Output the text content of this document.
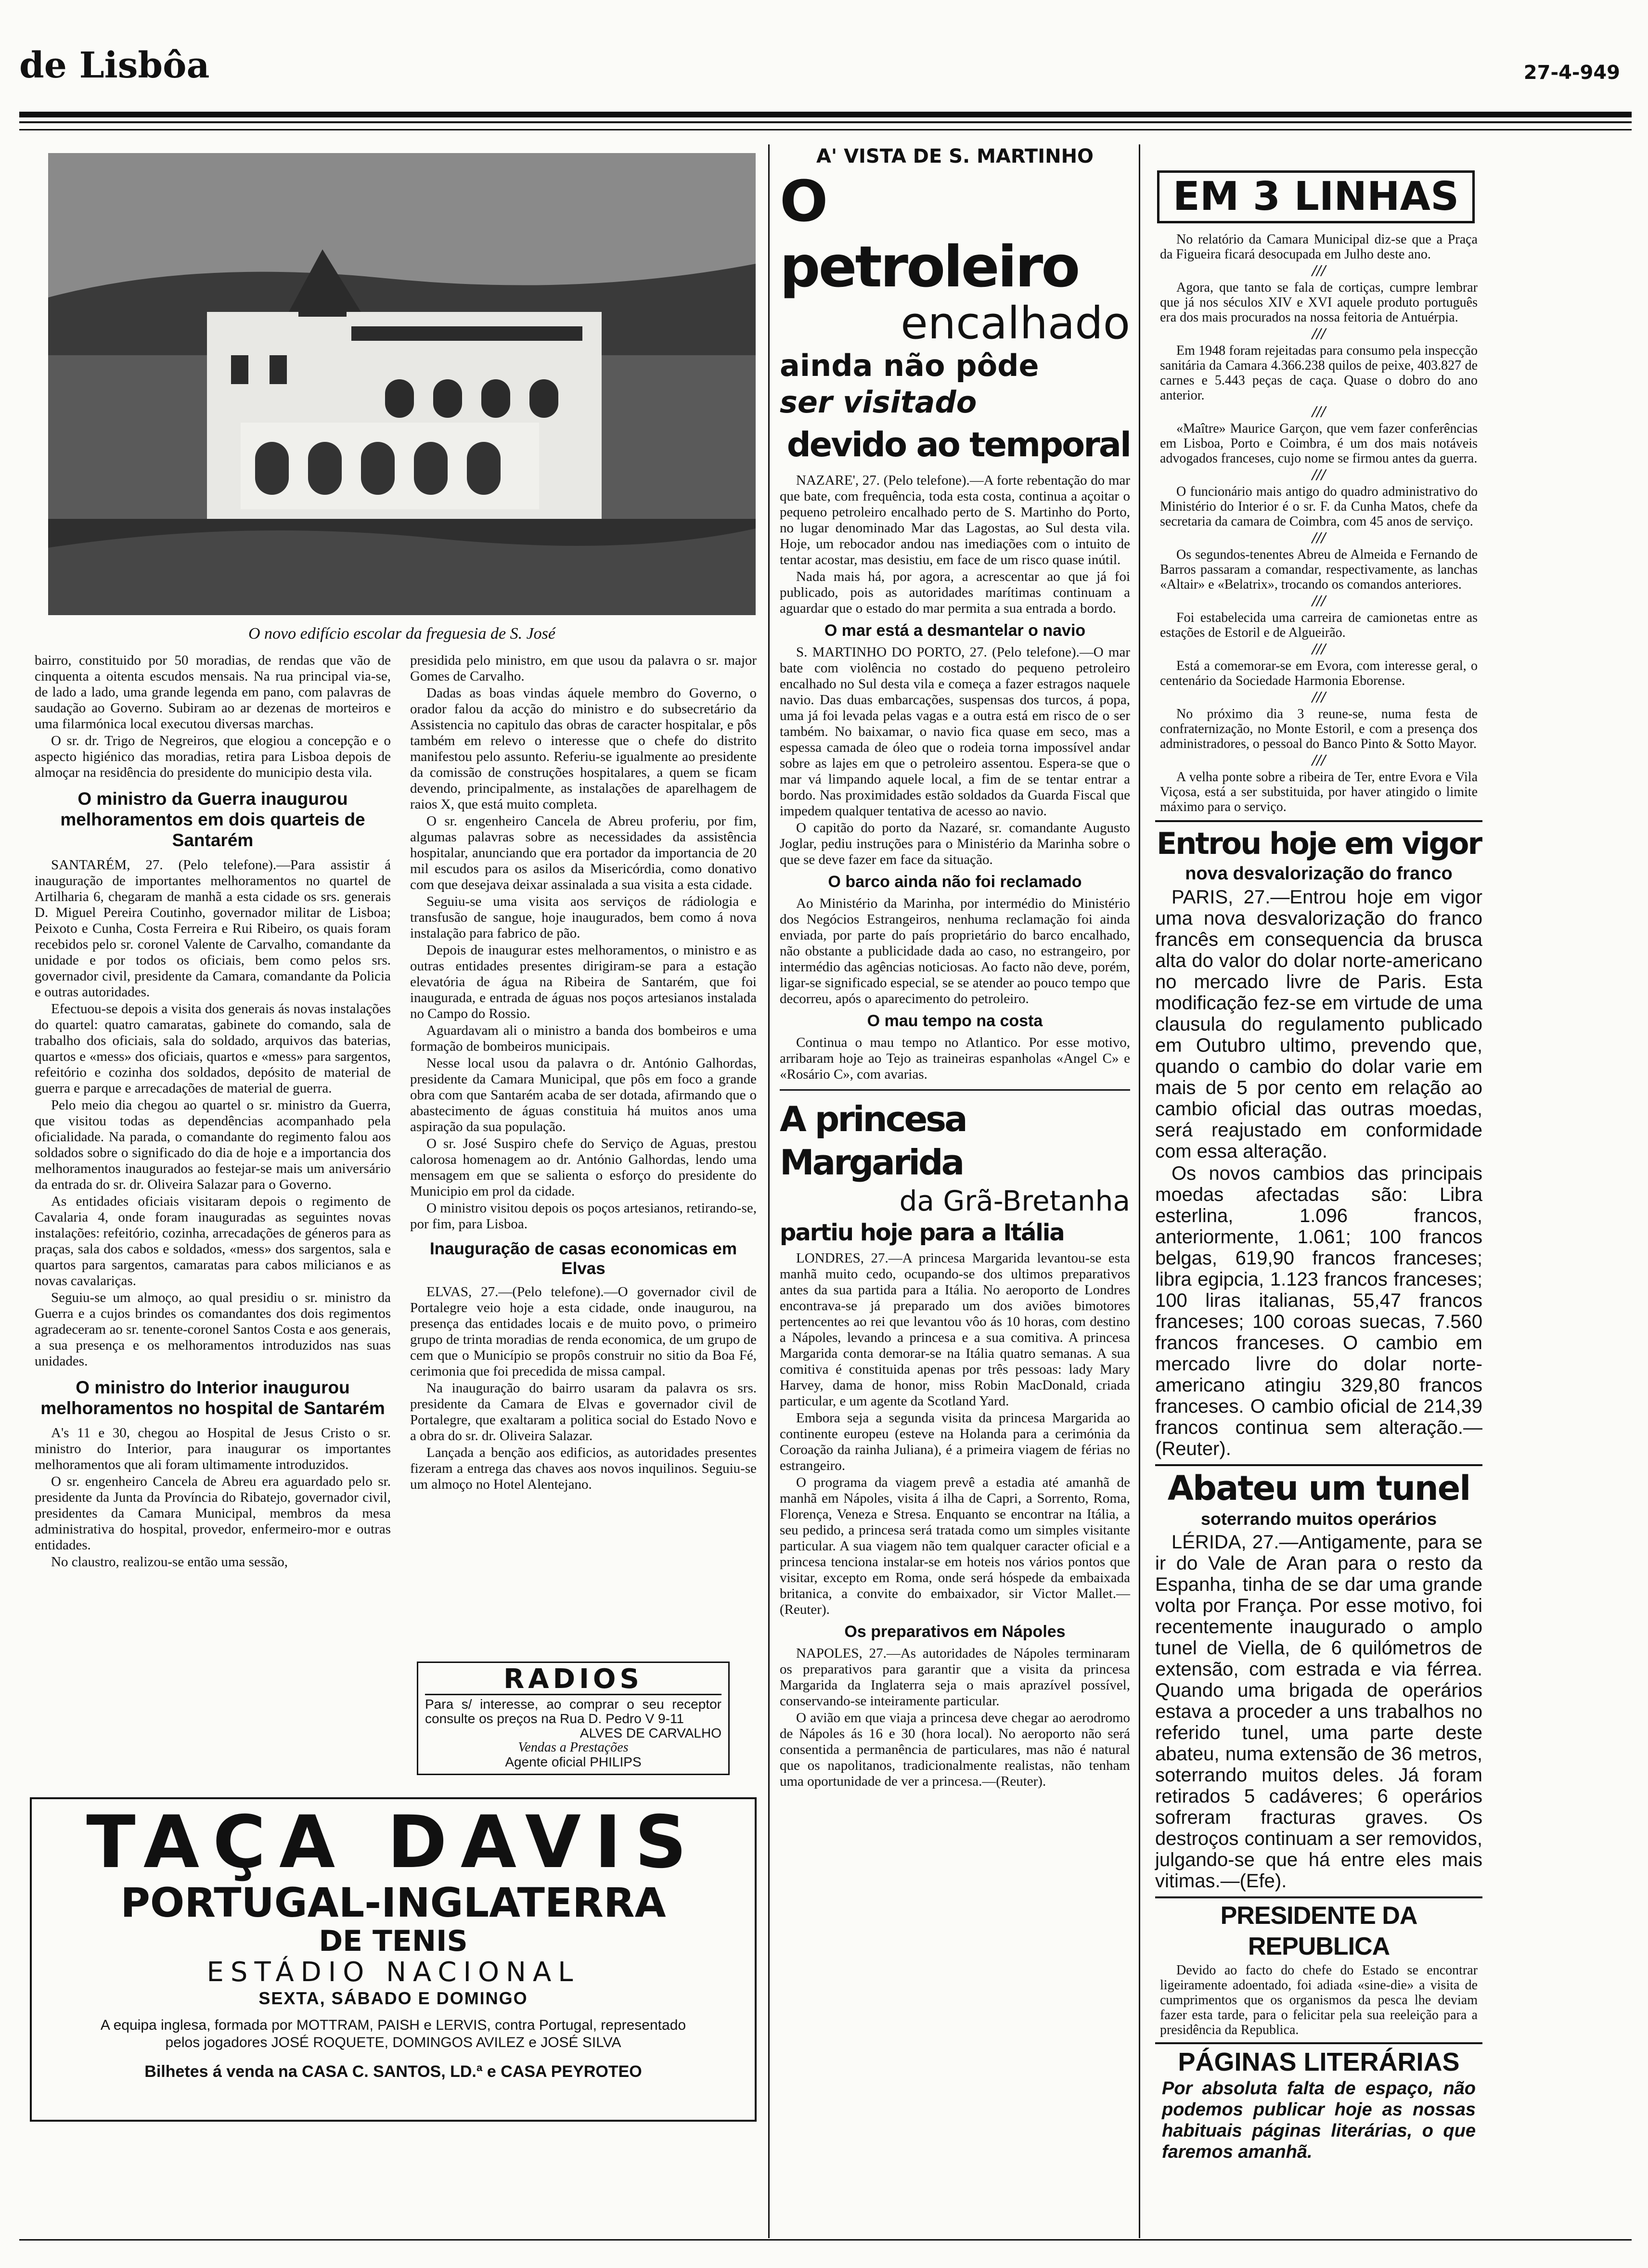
de Lisbôa	27-4-949
O novo edifício escolar da freguesia de S. José

bairro, constituido por 50 moradias, de rendas que vão de cinquenta a oitenta escudos mensais. Na rua principal via-se, de lado a lado, uma grande legenda em pano, com palavras de saudação ao Governo. Subiram ao ar dezenas de morteiros e uma filarmónica local executou diversas marchas.

O sr. dr. Trigo de Negreiros, que elogiou a concepção e o aspecto higiénico das moradias, retira para Lisboa depois de almoçar na residência do presidente do municipio desta vila.

O ministro da Guerra inaugurou melhoramentos em dois quarteis de Santarém

SANTARÉM, 27. (Pelo telefone).—Para assistir á inauguração de importantes melhoramentos no quartel de Artilharia 6, chegaram de manhã a esta cidade os srs. generais D. Miguel Pereira Coutinho, governador militar de Lisboa; Peixoto e Cunha, Costa Ferreira e Rui Ribeiro, os quais foram recebidos pelo sr. coronel Valente de Carvalho, comandante da unidade e por todos os oficiais, bem como pelos srs. governador civil, presidente da Camara, comandante da Policia e outras autoridades.

Efectuou-se depois a visita dos generais ás novas instalações do quartel: quatro camaratas, gabinete do comando, sala de trabalho dos oficiais, sala do soldado, arquivos das baterias, quartos e «mess» dos oficiais, quartos e «mess» para sargentos, refeitório e cozinha dos soldados, depósito de material de guerra e parque e arrecadações de material de guerra.

Pelo meio dia chegou ao quartel o sr. ministro da Guerra, que visitou todas as dependências acompanhado pela oficialidade. Na parada, o comandante do regimento falou aos soldados sobre o significado do dia de hoje e a importancia dos melhoramentos inaugurados ao festejar-se mais um aniversário da entrada do sr. dr. Oliveira Salazar para o Governo.

As entidades oficiais visitaram depois o regimento de Cavalaria 4, onde foram inauguradas as seguintes novas instalações: refeitório, cozinha, arrecadações de géneros para as praças, sala dos cabos e soldados, «mess» dos sargentos, sala e quartos para sargentos, camaratas para cabos milicianos e as novas cavalariças.

Seguiu-se um almoço, ao qual presidiu o sr. ministro da Guerra e a cujos brindes os comandantes dos dois regimentos agradeceram ao sr. tenente-coronel Santos Costa e aos generais, a sua presença e os melhoramentos introduzidos nas suas unidades.

O ministro do Interior inaugurou melhoramentos no hospital de Santarém

A's 11 e 30, chegou ao Hospital de Jesus Cristo o sr. ministro do Interior, para inaugurar os importantes melhoramentos que ali foram ultimamente introduzidos.

O sr. engenheiro Cancela de Abreu era aguardado pelo sr. presidente da Junta da Província do Ribatejo, governador civil, presidentes da Camara Municipal, membros da mesa administrativa do hospital, provedor, enfermeiro-mor e outras entidades.

No claustro, realizou-se então uma sessão,

presidida pelo ministro, em que usou da palavra o sr. major Gomes de Carvalho.

Dadas as boas vindas áquele membro do Governo, o orador falou da acção do ministro e do subsecretário da Assistencia no capitulo das obras de caracter hospitalar, e pôs também em relevo o interesse que o chefe do distrito manifestou pelo assunto. Referiu-se igualmente ao presidente da comissão de construções hospitalares, a quem se ficam devendo, principalmente, as instalações de aparelhagem de raios X, que está muito completa.

O sr. engenheiro Cancela de Abreu proferiu, por fim, algumas palavras sobre as necessidades da assistência hospitalar, anunciando que era portador da importancia de 20 mil escudos para os asilos da Misericórdia, como donativo com que desejava deixar assinalada a sua visita a esta cidade.

Seguiu-se uma visita aos serviços de rádiologia e transfusão de sangue, hoje inaugurados, bem como á nova instalação para fabrico de pão.

Depois de inaugurar estes melhoramentos, o ministro e as outras entidades presentes dirigiram-se para a estação elevatória de água na Ribeira de Santarém, que foi inaugurada, e entrada de águas nos poços artesianos instalada no Campo do Rossio.

Aguardavam ali o ministro a banda dos bombeiros e uma formação de bombeiros municipais.

Nesse local usou da palavra o dr. António Galhordas, presidente da Camara Municipal, que pôs em foco a grande obra com que Santarém acaba de ser dotada, afirmando que o abastecimento de águas constituia há muitos anos uma aspiração da sua população.

O sr. José Suspiro chefe do Serviço de Aguas, prestou calorosa homenagem ao dr. António Galhordas, lendo uma mensagem em que se salienta o esforço do presidente do Municipio em prol da cidade.

O ministro visitou depois os poços artesianos, retirando-se, por fim, para Lisboa.

Inauguração de casas economicas em Elvas

ELVAS, 27.—(Pelo telefone).—O governador civil de Portalegre veio hoje a esta cidade, onde inaugurou, na presença das entidades locais e de muito povo, o primeiro grupo de trinta moradias de renda economica, de um grupo de cem que o Município se propôs construir no sitio da Boa Fé, cerimonia que foi precedida de missa campal.

Na inauguração do bairro usaram da palavra os srs. presidente da Camara de Elvas e governador civil de Portalegre, que exaltaram a politica social do Estado Novo e a obra do sr. dr. Oliveira Salazar.

Lançada a benção aos edificios, as autoridades presentes fizeram a entrega das chaves aos novos inquilinos. Seguiu-se um almoço no Hotel Alentejano.

RADIOS
Para s/ interesse, ao comprar o seu receptor consulte os preços na Rua D. Pedro V 9-11
ALVES DE CARVALHO
Vendas a Prestações
Agente oficial PHILIPS
TAÇA DAVIS
PORTUGAL-INGLATERRA
DE TENIS
ESTÁDIO NACIONAL
SEXTA, SÁBADO E DOMINGO
A equipa inglesa, formada por MOTTRAM, PAISH e LERVIS, contra Portugal, representado pelos jogadores JOSÉ ROQUETE, DOMINGOS AVILEZ e JOSÉ SILVA
Bilhetes á venda na CASA C. SANTOS, LD.ª e CASA PEYROTEO
A' VISTA DE S. MARTINHO
O petroleiro
encalhado
ainda não pôde
ser visitado
devido ao temporal

NAZARE', 27. (Pelo telefone).—A forte rebentação do mar que bate, com frequência, toda esta costa, continua a açoitar o pequeno petroleiro encalhado perto de S. Martinho do Porto, no lugar denominado Mar das Lagostas, ao Sul desta vila. Hoje, um rebocador andou nas imediações com o intuito de tentar acostar, mas desistiu, em face de um risco quase inútil.

Nada mais há, por agora, a acrescentar ao que já foi publicado, pois as autoridades marítimas continuam a aguardar que o estado do mar permita a sua entrada a bordo.

O mar está a desmantelar o navio

S. MARTINHO DO PORTO, 27. (Pelo telefone).—O mar bate com violência no costado do pequeno petroleiro encalhado no Sul desta vila e começa a fazer estragos naquele navio. Das duas embarcações, suspensas dos turcos, á popa, uma já foi levada pelas vagas e a outra está em risco de o ser também. No baixamar, o navio fica quase em seco, mas a espessa camada de óleo que o rodeia torna impossível andar sobre as lajes em que o petroleiro assentou. Espera-se que o mar vá limpando aquele local, a fim de se tentar entrar a bordo. Nas proximidades estão soldados da Guarda Fiscal que impedem qualquer tentativa de acesso ao navio.

O capitão do porto da Nazaré, sr. comandante Augusto Joglar, pediu instruções para o Ministério da Marinha sobre o que se deve fazer em face da situação.

O barco ainda não foi reclamado

Ao Ministério da Marinha, por intermédio do Ministério dos Negócios Estrangeiros, nenhuma reclamação foi ainda enviada, por parte do país proprietário do barco encalhado, não obstante a publicidade dada ao caso, no estrangeiro, por intermédio das agências noticiosas. Ao facto não deve, porém, ligar-se significado especial, se se atender ao pouco tempo que decorreu, após o aparecimento do petroleiro.

O mau tempo na costa

Continua o mau tempo no Atlantico. Por esse motivo, arribaram hoje ao Tejo as traineiras espanholas «Angel C» e «Rosário C», com avarias.

A princesa Margarida
da Grã-Bretanha
partiu hoje para a Itália

LONDRES, 27.—A princesa Margarida levantou-se esta manhã muito cedo, ocupando-se dos ultimos preparativos antes da sua partida para a Itália. No aeroporto de Londres encontrava-se já preparado um dos aviões bimotores pertencentes ao rei que levantou vôo ás 10 horas, com destino a Nápoles, levando a princesa e a sua comitiva. A princesa Margarida conta demorar-se na Itália quatro semanas. A sua comitiva é constituida apenas por três pessoas: lady Mary Harvey, dama de honor, miss Robin MacDonald, criada particular, e um agente da Scotland Yard.

Embora seja a segunda visita da princesa Margarida ao continente europeu (esteve na Holanda para a cerimónia da Coroação da rainha Juliana), é a primeira viagem de férias no estrangeiro.

O programa da viagem prevê a estadia até amanhã de manhã em Nápoles, visita á ilha de Capri, a Sorrento, Roma, Florença, Veneza e Stresa. Enquanto se encontrar na Itália, a seu pedido, a princesa será tratada como um simples visitante particular. A sua viagem não tem qualquer caracter oficial e a princesa tenciona instalar-se em hoteis nos vários pontos que visitar, excepto em Roma, onde será hóspede da embaixada britanica, a convite do embaixador, sir Victor Mallet.—(Reuter).

Os preparativos em Nápoles

NAPOLES, 27.—As autoridades de Nápoles terminaram os preparativos para garantir que a visita da princesa Margarida da Inglaterra seja o mais aprazível possível, conservando-se inteiramente particular.

O avião em que viaja a princesa deve chegar ao aerodromo de Nápoles ás 16 e 30 (hora local). No aeroporto não será consentida a permanência de particulares, mas não é natural que os napolitanos, tradicionalmente realistas, não tenham uma oportunidade de ver a princesa.—(Reuter).

EM 3 LINHAS

No relatório da Camara Municipal diz-se que a Praça da Figueira ficará desocupada em Julho deste ano.

///

Agora, que tanto se fala de cortiças, cumpre lembrar que já nos séculos XIV e XVI aquele produto português era dos mais procurados na nossa feitoria de Antuérpia.

///

Em 1948 foram rejeitadas para consumo pela inspecção sanitária da Camara 4.366.238 quilos de peixe, 403.827 de carnes e 5.443 peças de caça. Quase o dobro do ano anterior.

///

«Maître» Maurice Garçon, que vem fazer conferências em Lisboa, Porto e Coimbra, é um dos mais notáveis advogados franceses, cujo nome se firmou antes da guerra.

///

O funcionário mais antigo do quadro administrativo do Ministério do Interior é o sr. F. da Cunha Matos, chefe da secretaria da camara de Coimbra, com 45 anos de serviço.

///

Os segundos-tenentes Abreu de Almeida e Fernando de Barros passaram a comandar, respectivamente, as lanchas «Altair» e «Belatrix», trocando os comandos anteriores.

///

Foi estabelecida uma carreira de camionetas entre as estações de Estoril e de Algueirão.

///

Está a comemorar-se em Evora, com interesse geral, o centenário da Sociedade Harmonia Eborense.

///

No próximo dia 3 reune-se, numa festa de confraternização, no Monte Estoril, e com a presença dos administradores, o pessoal do Banco Pinto & Sotto Mayor.

///

A velha ponte sobre a ribeira de Ter, entre Evora e Vila Viçosa, está a ser substituida, por haver atingido o limite máximo para o serviço.

Entrou hoje em vigor
nova desvalorização do franco

PARIS, 27.—Entrou hoje em vigor uma nova desvalorização do franco francês em consequencia da brusca alta do valor do dolar norte-americano no mercado livre de Paris. Esta modificação fez-se em virtude de uma clausula do regulamento publicado em Outubro ultimo, prevendo que, quando o cambio do dolar varie em mais de 5 por cento em relação ao cambio oficial das outras moedas, será reajustado em conformidade com essa alteração.

Os novos cambios das principais moedas afectadas são: Libra esterlina, 1.096 francos, anteriormente, 1.061; 100 francos belgas, 619,90 francos franceses; libra egipcia, 1.123 francos franceses; 100 liras italianas, 55,47 francos franceses; 100 coroas suecas, 7.560 francos franceses. O cambio em mercado livre do dolar norte-americano atingiu 329,80 francos franceses. O cambio oficial de 214,39 francos continua sem alteração.—(Reuter).

Abateu um tunel
soterrando muitos operários

LÉRIDA, 27.—Antigamente, para se ir do Vale de Aran para o resto da Espanha, tinha de se dar uma grande volta por França. Por esse motivo, foi recentemente inaugurado o amplo tunel de Viella, de 6 quilómetros de extensão, com estrada e via férrea. Quando uma brigada de operários estava a proceder a uns trabalhos no referido tunel, uma parte deste abateu, numa extensão de 36 metros, soterrando muitos deles. Já foram retirados 5 cadáveres; 6 operários sofreram fracturas graves. Os destroços continuam a ser removidos, julgando-se que há entre eles mais vitimas.—(Efe).

PRESIDENTE DA REPUBLICA

Devido ao facto do chefe do Estado se encontrar ligeiramente adoentado, foi adiada «sine-die» a visita de cumprimentos que os organismos da pesca lhe deviam fazer esta tarde, para o felicitar pela sua reeleição para a presidência da Republica.

PÁGINAS LITERÁRIAS
Por absoluta falta de espaço, não podemos publicar hoje as nossas habituais páginas literárias, o que faremos amanhã.
